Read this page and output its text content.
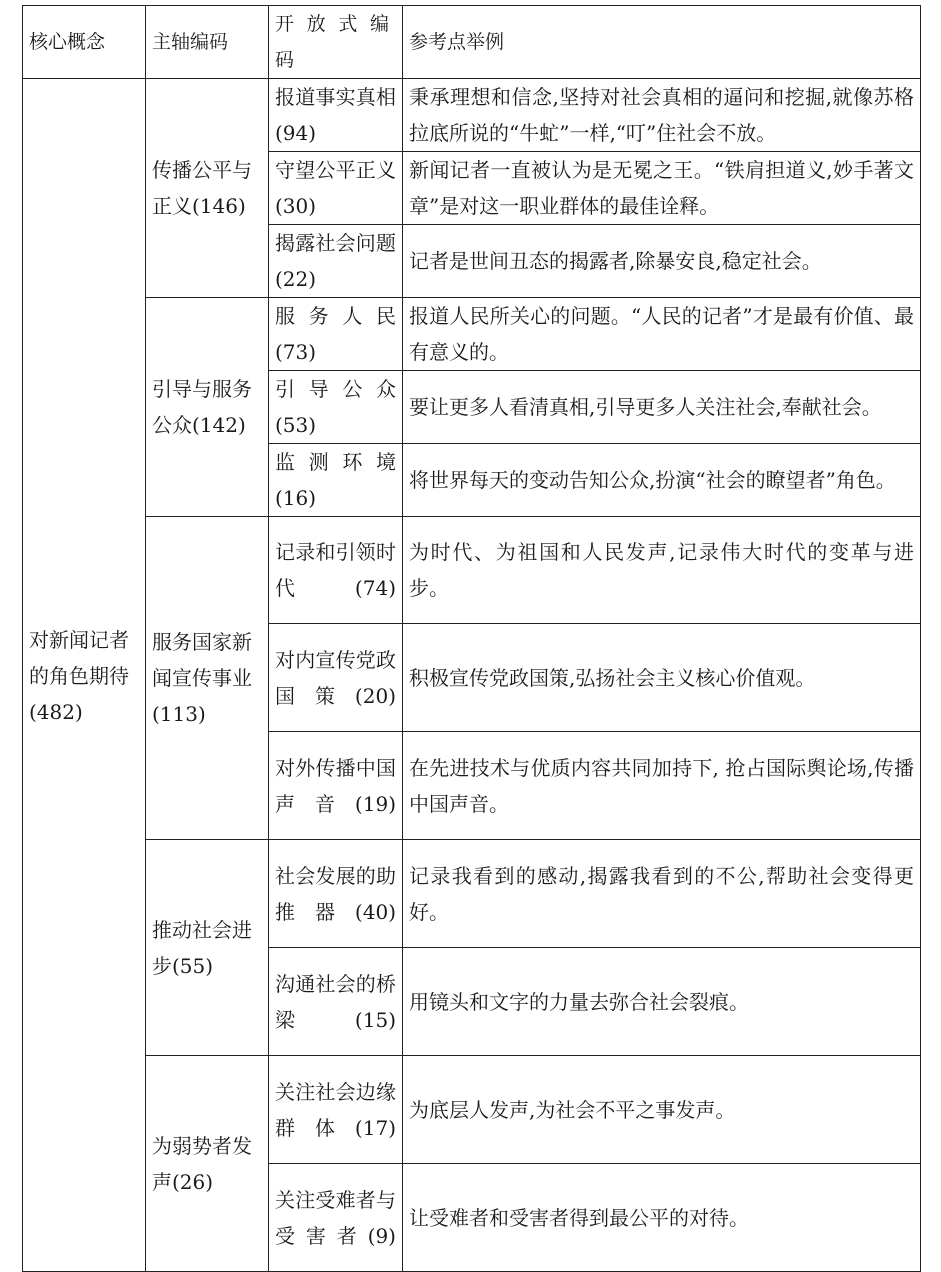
核心概念	主轴编码	开放式编码	参考点举例
对新闻记者的角色期待(482)	传播公平与正义(146)	报道事实真相(94)	秉承理想和信念,坚持对社会真相的逼问和挖掘,就像苏格拉底所说的“牛虻”一样,“叮”住社会不放。
		守望公平正义(30)	新闻记者一直被认为是无冕之王。“铁肩担道义,妙手著文章”是对这一职业群体的最佳诠释。
		揭露社会问题(22)	记者是世间丑态的揭露者,除暴安良,稳定社会。
	引导与服务公众(142)	服务人民(73)	报道人民所关心的问题。“人民的记者”才是最有价值、最有意义的。
		引导公众(53)	要让更多人看清真相,引导更多人关注社会,奉献社会。
		监测环境(16)	将世界每天的变动告知公众,扮演“社会的瞭望者”角色。
	服务国家新闻宣传事业(113)	记录和引领时代(74)	为时代、为祖国和人民发声,记录伟大时代的变革与进步。
		对内宣传党政国策(20)	积极宣传党政国策,弘扬社会主义核心价值观。
		对外传播中国声音(19)	在先进技术与优质内容共同加持下, 抢占国际舆论场,传播中国声音。
	推动社会进步(55)	社会发展的助推器(40)	记录我看到的感动,揭露我看到的不公,帮助社会变得更好。
		沟通社会的桥梁(15)	用镜头和文字的力量去弥合社会裂痕。
	为弱势者发声(26)	关注社会边缘群体(17)	为底层人发声,为社会不平之事发声。
		关注受难者与受害者(9)	让受难者和受害者得到最公平的对待。
